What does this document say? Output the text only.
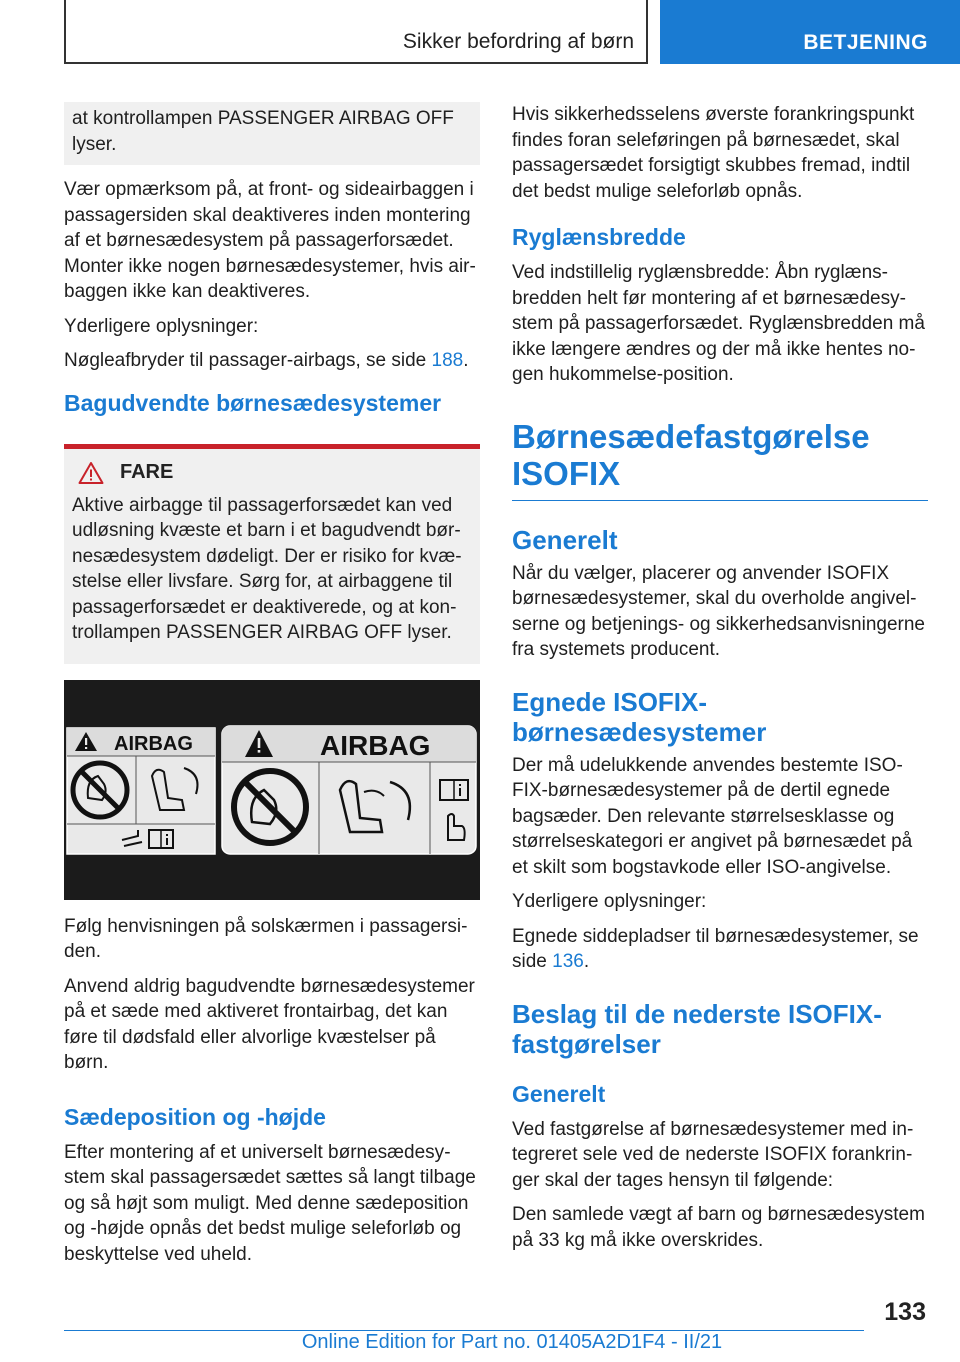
Sikker befordring af børn	BETJENING

at kontrollampen PASSENGER AIRBAG OFF lyser.

Vær opmærksom på, at front- og sideairbaggen i passagersiden skal deaktiveres inden montering af et børnesædesystem på passagerforsædet. Monter ikke nogen børnesædesystemer, hvis airbaggen ikke kan deaktiveres.

Yderligere oplysninger:

Nøgleafbryder til passager-airbags, se side 188.

Bagudvendte børnesædesystemer
FARE

Aktive airbagge til passagerforsædet kan ved udløsning kvæste et barn i et bagudvendt børnesædesystem dødeligt. Der er risiko for kvæstelse eller livsfare. Sørg for, at airbaggene til passagerforsædet er deaktiverede, og at kontrollampen PASSENGER AIRBAG OFF lyser.

AIRBAG	AIRBAG

Følg henvisningen på solskærmen i passagersiden.

Anvend aldrig bagudvendte børnesædesystemer på et sæde med aktiveret frontairbag, det kan føre til dødsfald eller alvorlige kvæstelser på børn.

Sædeposition og -højde

Efter montering af et universelt børnesædesystem skal passagersædet sættes så langt tilbage og så højt som muligt. Med denne sædeposition og -højde opnås det bedst mulige seleforløb og beskyttelse ved uheld.

Hvis sikkerhedsselens øverste forankringspunkt findes foran seleføringen på børnesædet, skal passagersædet forsigtigt skubbes fremad, indtil det bedst mulige seleforløb opnås.

Ryglænsbredde

Ved indstillelig ryglænsbredde: Åbn ryglænsbredden helt før montering af et børnesædesystem på passagerforsædet. Ryglænsbredden må ikke længere ændres og der må ikke hentes nogen hukommelse-position.

Børnesædefastgørelse ISOFIX
Generelt

Når du vælger, placerer og anvender ISOFIX børnesædesystemer, skal du overholde angivelserne og betjenings- og sikkerhedsanvisningerne fra systemets producent.

Egnede ISOFIX-børnesædesystemer

Der må udelukkende anvendes bestemte ISOFIX-børnesædesystemer på de dertil egnede bagsæder. Den relevante størrelsesklasse og størrelseskategori er angivet på børnesædet på et skilt som bogstavkode eller ISO-angivelse.

Yderligere oplysninger:

Egnede siddepladser til børnesædesystemer, se side 136.

Beslag til de nederste ISOFIX-fastgørelser
Generelt

Ved fastgørelse af børnesædesystemer med integreret sele ved de nederste ISOFIX forankringer skal der tages hensyn til følgende:

Den samlede vægt af barn og børnesædesystem på 33 kg må ikke overskrides.

133
Online Edition for Part no. 01405A2D1F4 - II/21
